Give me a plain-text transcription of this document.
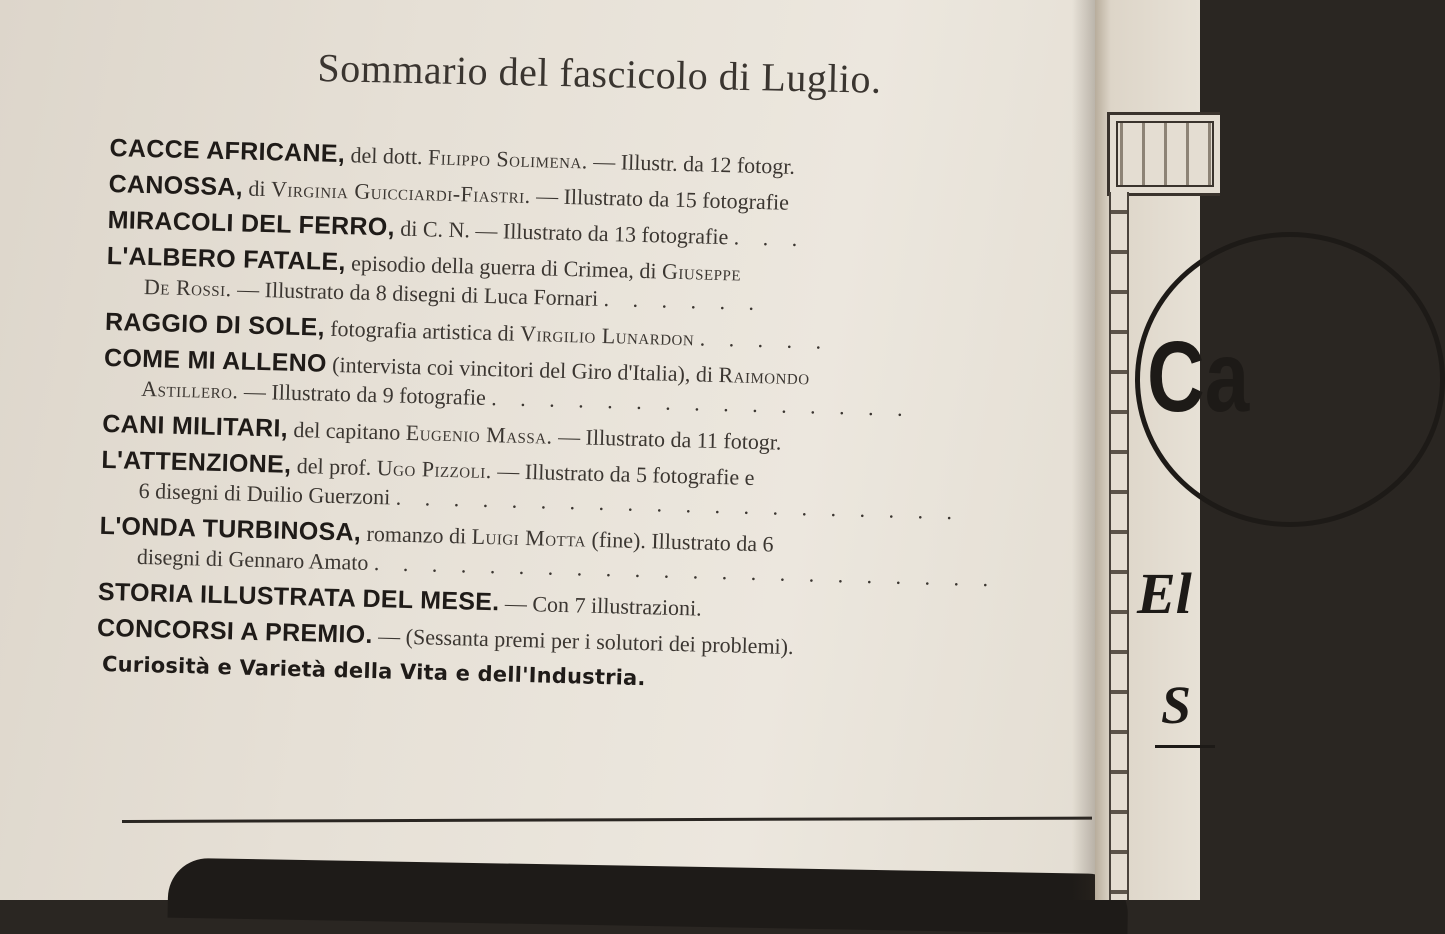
Sommario del fascicolo di Luglio.
CACCE AFRICANE, del dott. Filippo Solimena. — Illustr. da 12 fotogr.
CANOSSA, di Virginia Guicciardi-Fiastri. — Illustrato da 15 fotografie
MIRACOLI DEL FERRO, di C. N. — Illustrato da 13 fotografie . . .
L'ALBERO FATALE, episodio della guerra di Crimea, di Giuseppe
De Rossi. — Illustrato da 8 disegni di Luca Fornari . . . . . .
RAGGIO DI SOLE, fotografia artistica di Virgilio Lunardon . . . . .
COME MI ALLENO (intervista coi vincitori del Giro d'Italia), di Raimondo
Astillero. — Illustrato da 9 fotografie . . . . . . . . . . . . . . .
CANI MILITARI, del capitano Eugenio Massa. — Illustrato da 11 fotogr.
L'ATTENZIONE, del prof. Ugo Pizzoli. — Illustrato da 5 fotografie e
6 disegni di Duilio Guerzoni . . . . . . . . . . . . . . . . . . . .
L'ONDA TURBINOSA, romanzo di Luigi Motta (fine). Illustrato da 6
disegni di Gennaro Amato . . . . . . . . . . . . . . . . . . . . . .
STORIA ILLUSTRATA DEL MESE. — Con 7 illustrazioni.
CONCORSI A PREMIO. — (Sessanta premi per i solutori dei problemi).
Curiosità e Varietà della Vita e dell'Industria.
Ca
El
S
